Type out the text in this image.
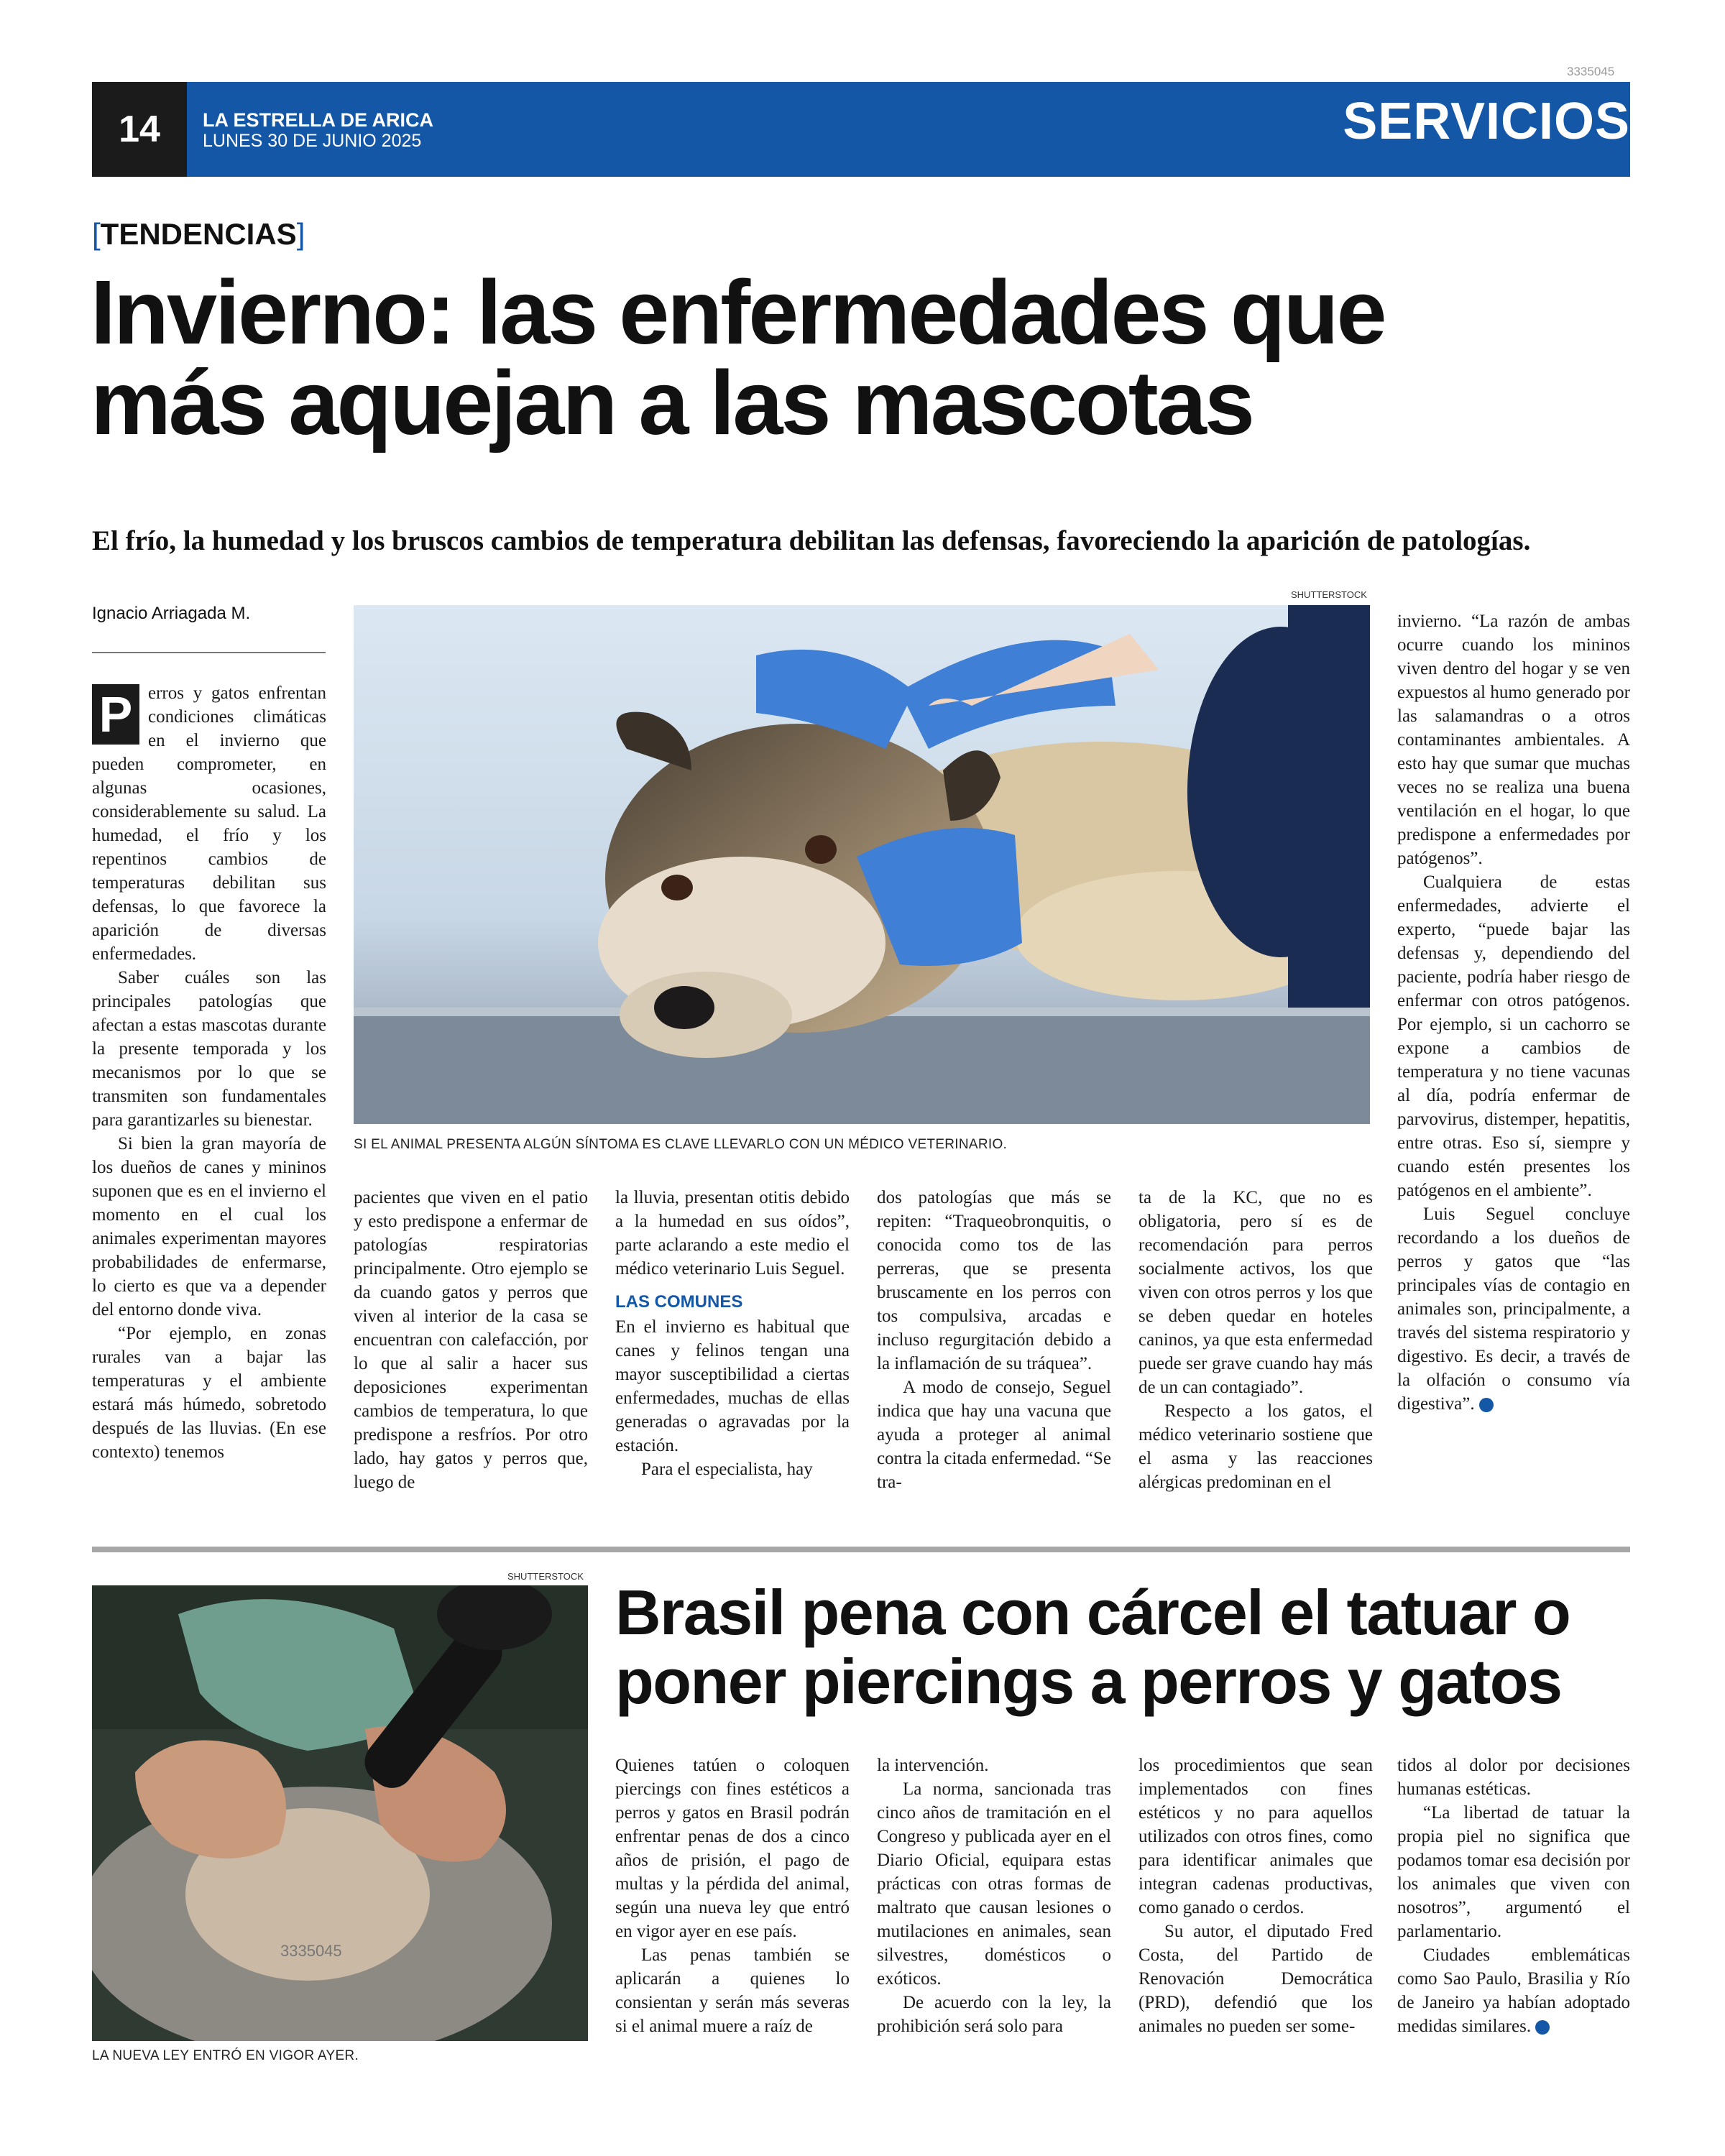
3335045
14	LA ESTRELLA DE ARICA
LUNES 30 DE JUNIO 2025	SERVICIOS
[TENDENCIAS]
Invierno: las enfermedades que
más aquejan a las mascotas
El frío, la humedad y los bruscos cambios de temperatura debilitan las defensas, favoreciendo la aparición de patologías.
Ignacio Arriagada M.
SHUTTERSTOCK
SI EL ANIMAL PRESENTA ALGÚN SÍNTOMA ES CLAVE LLEVARLO CON UN MÉDICO VETERINARIO.
P erros y gatos enfrentan condiciones climáticas en el invierno que pueden comprometer, en algunas ocasiones, considerablemente su salud. La humedad, el frío y los repentinos cambios de temperaturas debilitan sus defensas, lo que favorece la aparición de diversas enfermedades.

Saber cuáles son las principales patologías que afectan a estas mascotas durante la presente temporada y los mecanismos por lo que se transmiten son fundamentales para garantizarles su bienestar.

Si bien la gran mayoría de los dueños de canes y mininos suponen que es en el invierno el momento en el cual los animales experimentan mayores probabilidades de enfermarse, lo cierto es que va a depender del entorno donde viva.

“Por ejemplo, en zonas rurales van a bajar las temperaturas y el ambiente estará más húmedo, sobretodo después de las lluvias. (En ese contexto) tenemos

pacientes que viven en el patio y esto predispone a enfermar de patologías respiratorias principalmente. Otro ejemplo se da cuando gatos y perros que viven al interior de la casa se encuentran con calefacción, por lo que al salir a hacer sus deposiciones experimentan cambios de temperatura, lo que predispone a resfríos. Por otro lado, hay gatos y perros que, luego de

la lluvia, presentan otitis debido a la humedad en sus oídos”, parte aclarando a este medio el médico veterinario Luis Seguel.

LAS COMUNES

En el invierno es habitual que canes y felinos tengan una mayor susceptibilidad a ciertas enfermedades, muchas de ellas generadas o agravadas por la estación.

Para el especialista, hay

dos patologías que más se repiten: “Traqueobronquitis, o conocida como tos de las perreras, que se presenta bruscamente en los perros con tos compulsiva, arcadas e incluso regurgitación debido a la inflamación de su tráquea”.

A modo de consejo, Seguel indica que hay una vacuna que ayuda a proteger al animal contra la citada enfermedad. “Se tra-

ta de la KC, que no es obligatoria, pero sí es de recomendación para perros socialmente activos, los que viven con otros perros y los que se deben quedar en hoteles caninos, ya que esta enfermedad puede ser grave cuando hay más de un can contagiado”.

Respecto a los gatos, el médico veterinario sostiene que el asma y las reacciones alérgicas predominan en el

invierno. “La razón de ambas ocurre cuando los mininos viven dentro del hogar y se ven expuestos al humo generado por las salamandras o a otros contaminantes ambientales. A esto hay que sumar que muchas veces no se realiza una buena ventilación en el hogar, lo que predispone a enfermedades por patógenos”.

Cualquiera de estas enfermedades, advierte el experto, “puede bajar las defensas y, dependiendo del paciente, podría haber riesgo de enfermar con otros patógenos. Por ejemplo, si un cachorro se expone a cambios de temperatura y no tiene vacunas al día, podría enfermar de parvovirus, distemper, hepatitis, entre otras. Eso sí, siempre y cuando estén presentes los patógenos en el ambiente”.

Luis Seguel concluye recordando a los dueños de perros y gatos que “las principales vías de contagio en animales son, principalmente, a través del sistema respiratorio y digestivo. Es decir, a través de la olfación o consumo vía digestiva”.

SHUTTERSTOCK
3335045
LA NUEVA LEY ENTRÓ EN VIGOR AYER.
Brasil pena con cárcel el tatuar o
poner piercings a perros y gatos

Quienes tatúen o coloquen piercings con fines estéticos a perros y gatos en Brasil podrán enfrentar penas de dos a cinco años de prisión, el pago de multas y la pérdida del animal, según una nueva ley que entró en vigor ayer en ese país.

Las penas también se aplicarán a quienes lo consientan y serán más severas si el animal muere a raíz de

la intervención.

La norma, sancionada tras cinco años de tramitación en el Congreso y publicada ayer en el Diario Oficial, equipara estas prácticas con otras formas de maltrato que causan lesiones o mutilaciones en animales, sean silvestres, domésticos o exóticos.

De acuerdo con la ley, la prohibición será solo para

los procedimientos que sean implementados con fines estéticos y no para aquellos utilizados con otros fines, como para identificar animales que integran cadenas productivas, como ganado o cerdos.

Su autor, el diputado Fred Costa, del Partido de Renovación Democrática (PRD), defendió que los animales no pueden ser some-

tidos al dolor por decisiones humanas estéticas.

“La libertad de tatuar la propia piel no significa que podamos tomar esa decisión por los animales que viven con nosotros”, argumentó el parlamentario.

Ciudades emblemáticas como Sao Paulo, Brasilia y Río de Janeiro ya habían adoptado medidas similares.
